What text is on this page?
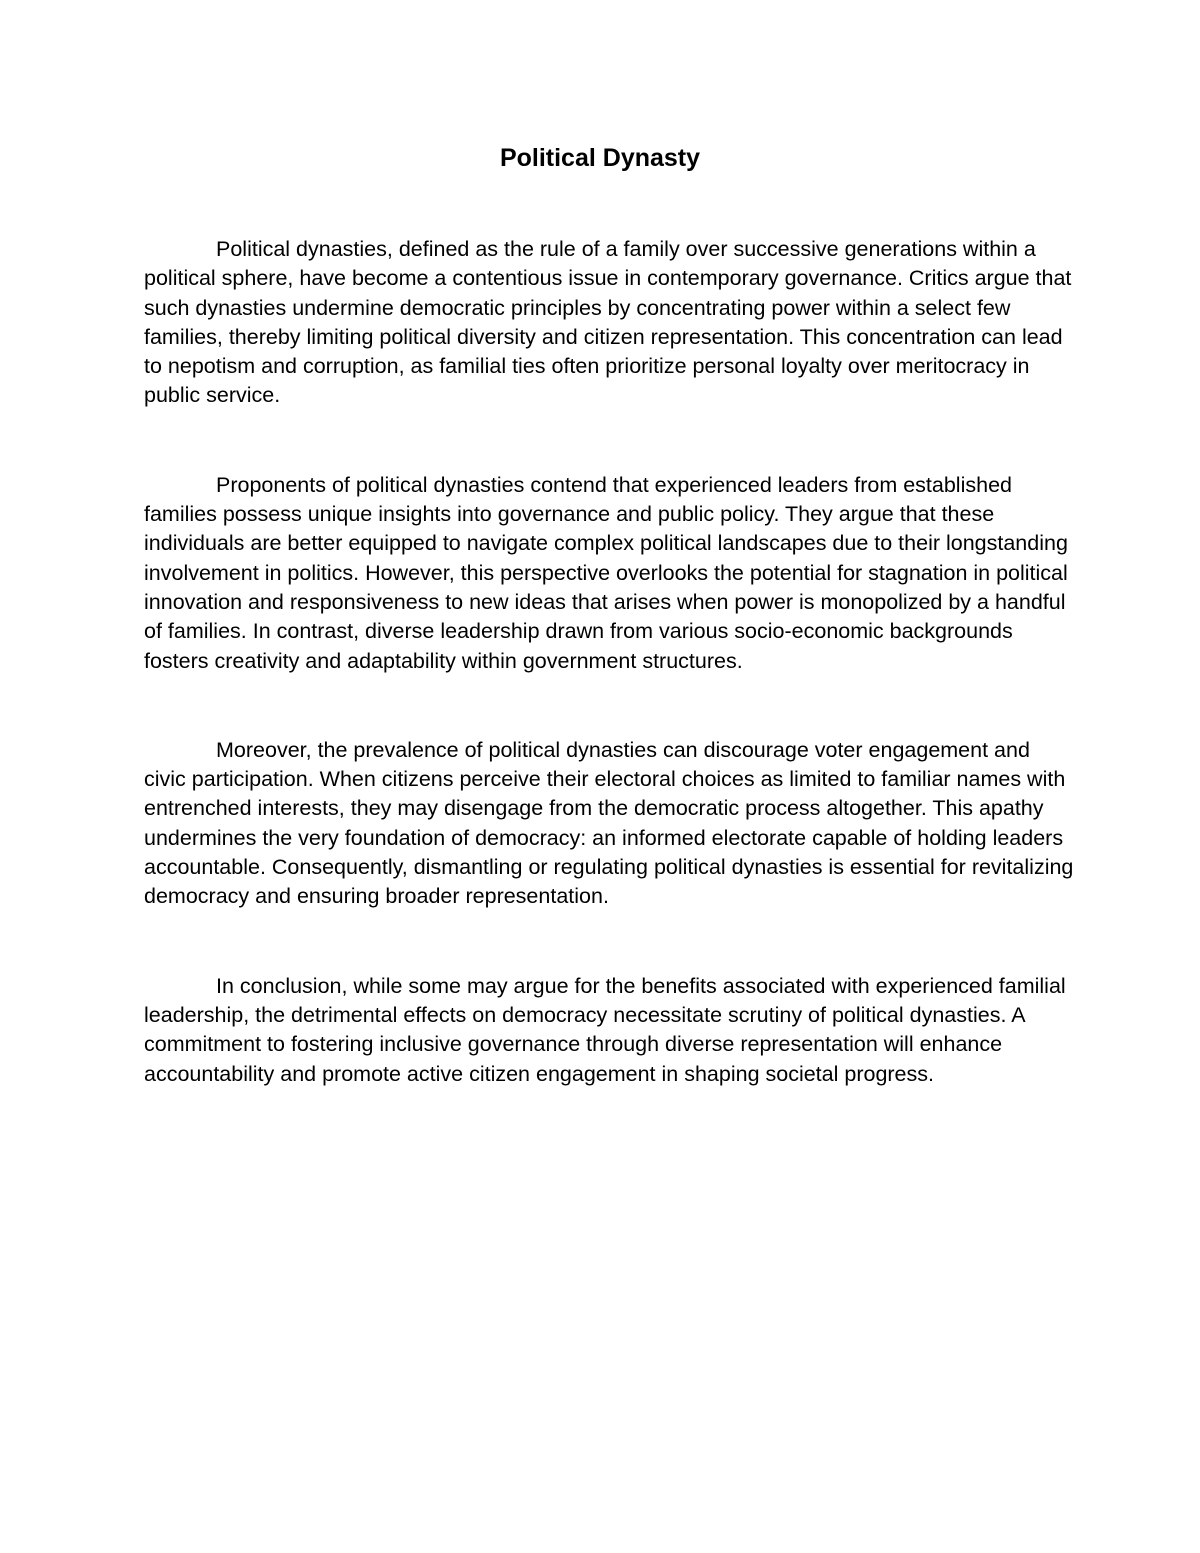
Political Dynasty

Political dynasties, defined as the rule of a family over successive generations within a political sphere, have become a contentious issue in contemporary governance. Critics argue that such dynasties undermine democratic principles by concentrating power within a select few families, thereby limiting political diversity and citizen representation. This concentration can lead to nepotism and corruption, as familial ties often prioritize personal loyalty over meritocracy in public service.

Proponents of political dynasties contend that experienced leaders from established families possess unique insights into governance and public policy. They argue that these individuals are better equipped to navigate complex political landscapes due to their longstanding involvement in politics. However, this perspective overlooks the potential for stagnation in political innovation and responsiveness to new ideas that arises when power is monopolized by a handful of families. In contrast, diverse leadership drawn from various socio-economic backgrounds fosters creativity and adaptability within government structures.

Moreover, the prevalence of political dynasties can discourage voter engagement and civic participation. When citizens perceive their electoral choices as limited to familiar names with entrenched interests, they may disengage from the democratic process altogether. This apathy undermines the very foundation of democracy: an informed electorate capable of holding leaders accountable. Consequently, dismantling or regulating political dynasties is essential for revitalizing democracy and ensuring broader representation.

In conclusion, while some may argue for the benefits associated with experienced familial leadership, the detrimental effects on democracy necessitate scrutiny of political dynasties. A commitment to fostering inclusive governance through diverse representation will enhance accountability and promote active citizen engagement in shaping societal progress.
